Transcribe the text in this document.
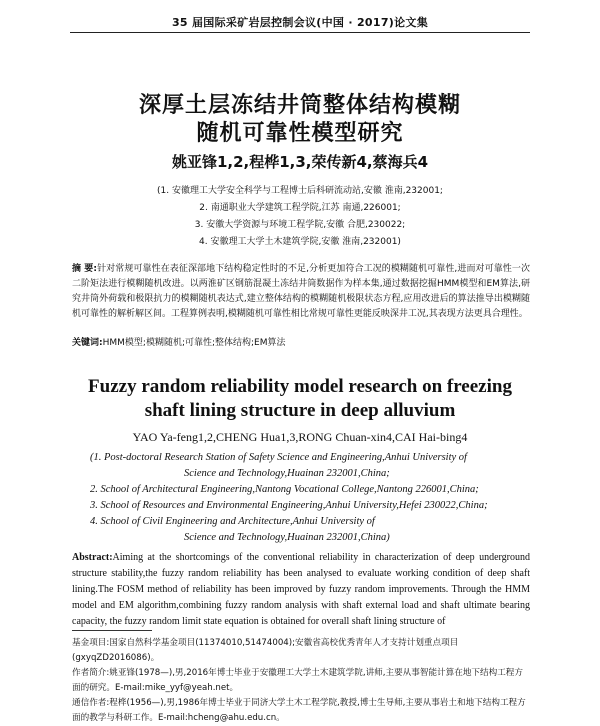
35 届国际采矿岩层控制会议(中国 · 2017)论文集
深厚土层冻结井筒整体结构模糊
随机可靠性模型研究
姚亚锋1,2,程桦1,3,荣传新4,蔡海兵4
(1. 安徽理工大学安全科学与工程博士后科研流动站,安徽 淮南,232001;
2. 南通职业大学建筑工程学院,江苏 南通,226001;
3. 安徽大学资源与环境工程学院,安徽 合肥,230022;
4. 安徽理工大学土木建筑学院,安徽 淮南,232001)
摘 要:针对常规可靠性在表征深部地下结构稳定性时的不足,分析更加符合工况的模糊随机可靠性,进而对可靠性一次二阶矩法进行模糊随机改进。以两淮矿区钢筋混凝土冻结井筒数据作为样本集,通过数据挖掘HMM模型和EM算法,研究井筒外荷载和极限抗力的模糊随机表达式,建立整体结构的模糊随机极限状态方程,应用改进后的算法推导出模糊随机可靠性的解析解区间。工程算例表明,模糊随机可靠性相比常规可靠性更能反映深井工况,其表现方法更具合理性。
关键词:HMM模型;模糊随机;可靠性;整体结构;EM算法
Fuzzy random reliability model research on freezing
shaft lining structure in deep alluvium
YAO Ya-feng1,2,CHENG Hua1,3,RONG Chuan-xin4,CAI Hai-bing4
(1. Post-doctoral Research Station of Safety Science and Engineering,Anhui University of
Science and Technology,Huainan 232001,China;
2. School of Architectural Engineering,Nantong Vocational College,Nantong 226001,China;
3. School of Resources and Environmental Engineering,Anhui University,Hefei 230022,China;
4. School of Civil Engineering and Architecture,Anhui University of
Science and Technology,Huainan 232001,China)
Abstract:Aiming at the shortcomings of the conventional reliability in characterization of deep underground structure stability,the fuzzy random reliability has been analysed to evaluate working condition of deep shaft lining.The FOSM method of reliability has been improved by fuzzy random improvements. Through the HMM model and EM algorithm,combining fuzzy random analysis with shaft external load and shaft ultimate bearing capacity, the fuzzy random limit state equation is obtained for overall shaft lining structure of

基金项目:国家自然科学基金项目(11374010,51474004);安徽省高校优秀青年人才支持计划重点项目(gxyqZD2016086)。

作者简介:姚亚锋(1978—),男,2016年博士毕业于安徽理工大学土木建筑学院,讲师,主要从事智能计算在地下结构工程方面的研究。E-mail:mike_yyf@yeah.net。

通信作者:程桦(1956—),男,1986年博士毕业于同济大学土木工程学院,教授,博士生导师,主要从事岩土和地下结构工程方面的教学与科研工作。E-mail:hcheng@ahu.edu.cn。
